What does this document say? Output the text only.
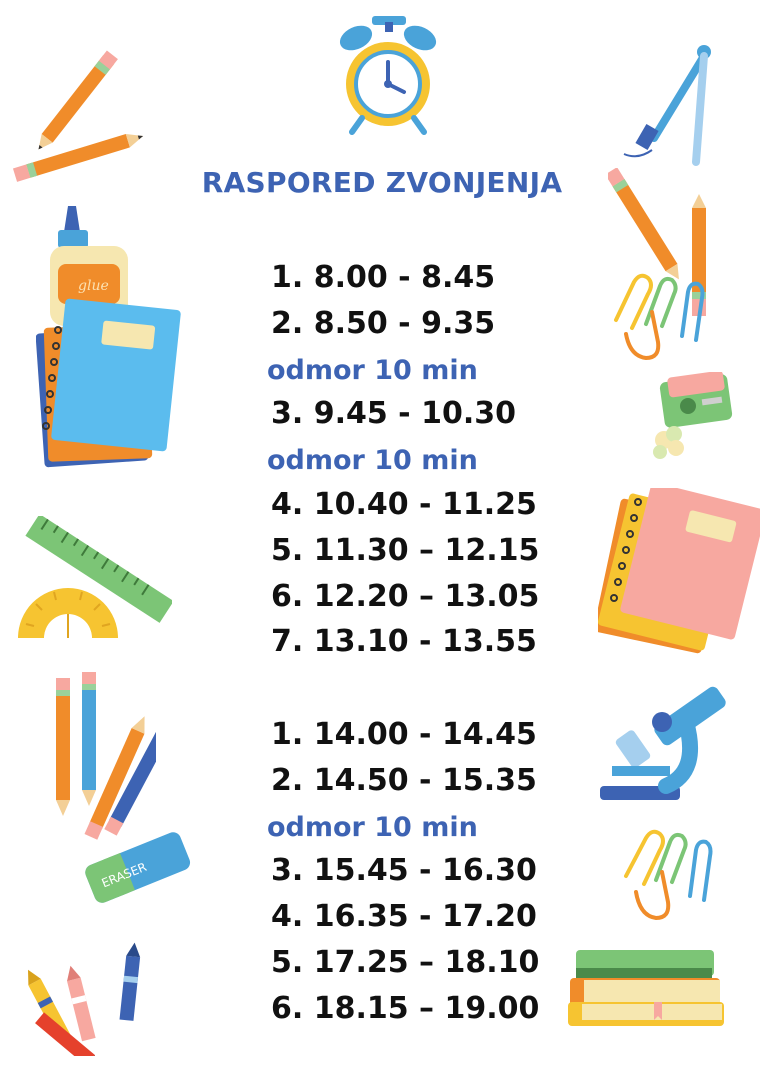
glue
ERASER
RASPORED ZVONJENJA
1. 8.00 - 8.45
2. 8.50 - 9.35
odmor 10 min
3. 9.45 - 10.30
odmor 10 min
4. 10.40 - 11.25
5. 11.30 – 12.15
6. 12.20 – 13.05
7. 13.10 - 13.55
1. 14.00 - 14.45
2. 14.50 - 15.35
odmor 10 min
3. 15.45 - 16.30
4. 16.35 - 17.20
5. 17.25 – 18.10
6. 18.15 – 19.00
